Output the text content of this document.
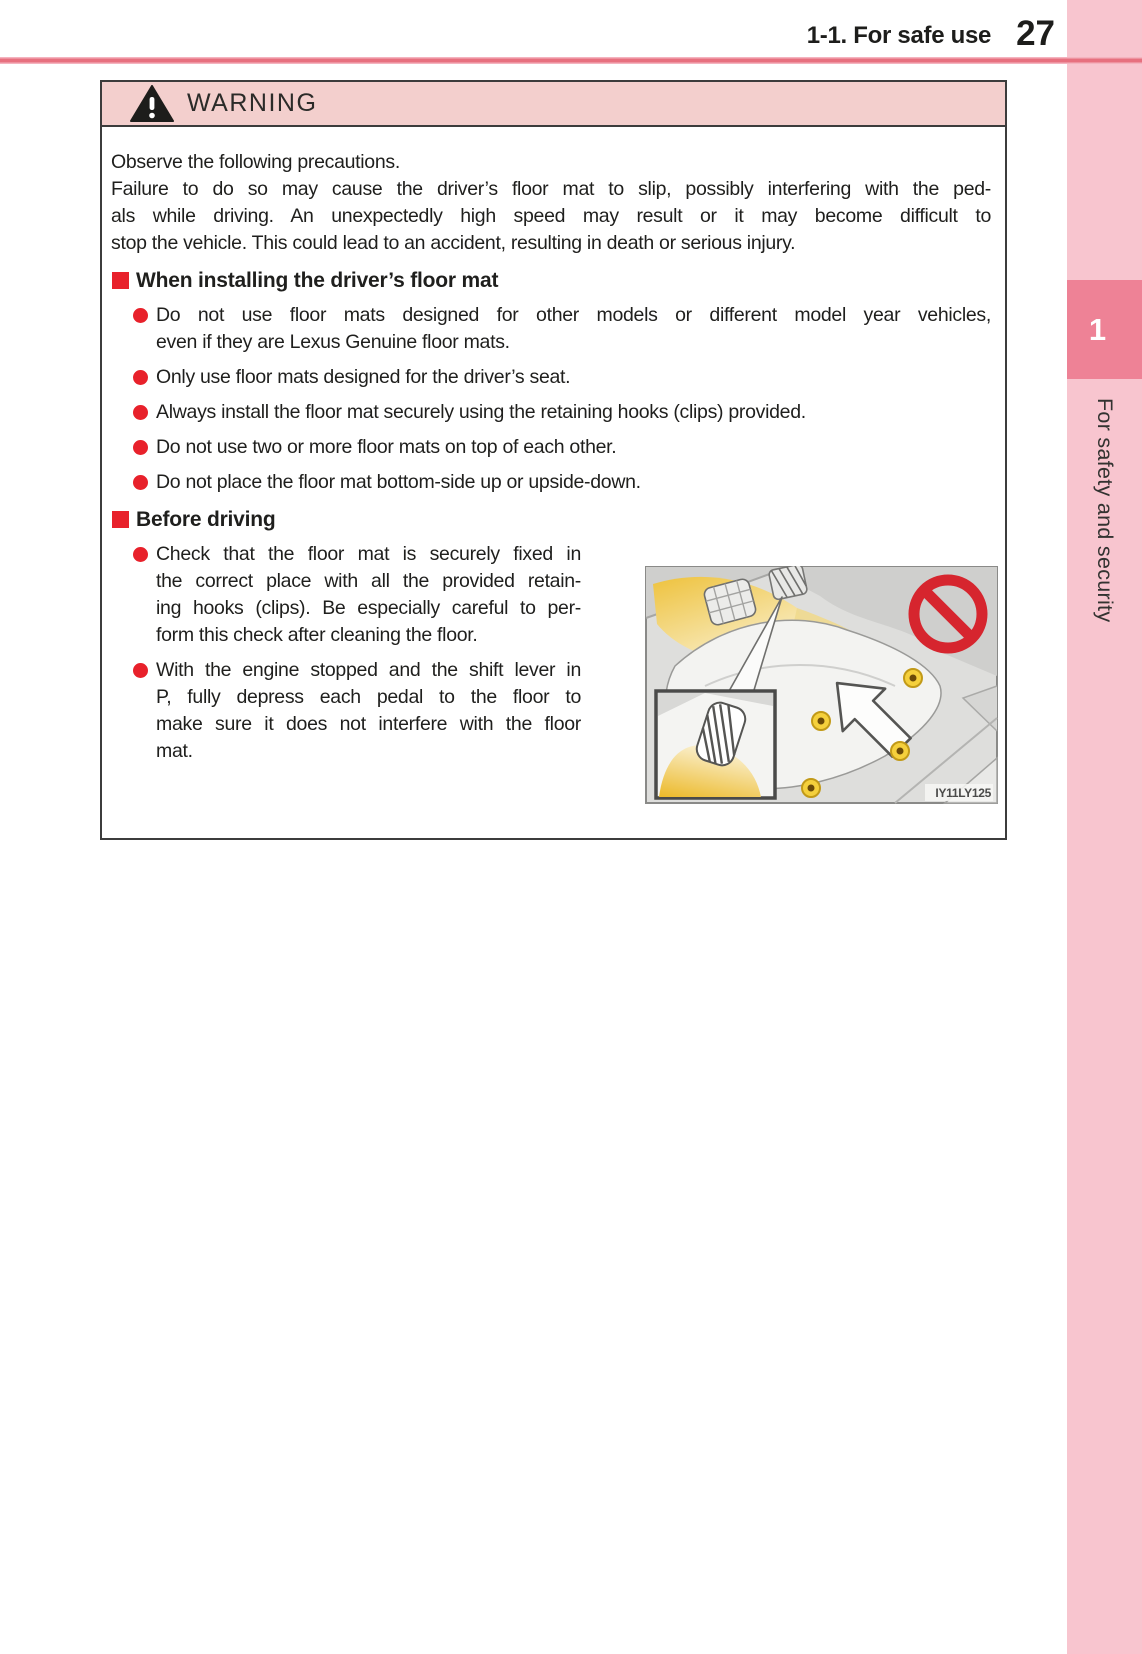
1
For safety and security
1-1. For safe use 27
WARNING
Observe the following precautions.
Failure to do so may cause the driver’s floor mat to slip, possibly interfering with the ped-
als while driving. An unexpectedly high speed may result or it may become difficult to
stop the vehicle. This could lead to an accident, resulting in death or serious injury.
When installing the driver’s floor mat
Do not use floor mats designed for other models or different model year vehicles,
even if they are Lexus Genuine floor mats.
Only use floor mats designed for the driver’s seat.
Always install the floor mat securely using the retaining hooks (clips) provided.
Do not use two or more floor mats on top of each other.
Do not place the floor mat bottom-side up or upside-down.
Before driving
Check that the floor mat is securely fixed in
the correct place with all the provided retain-
ing hooks (clips). Be especially careful to per-
form this check after cleaning the floor.
With the engine stopped and the shift lever in
P, fully depress each pedal to the floor to
make sure it does not interfere with the floor
mat.
IY11LY125
